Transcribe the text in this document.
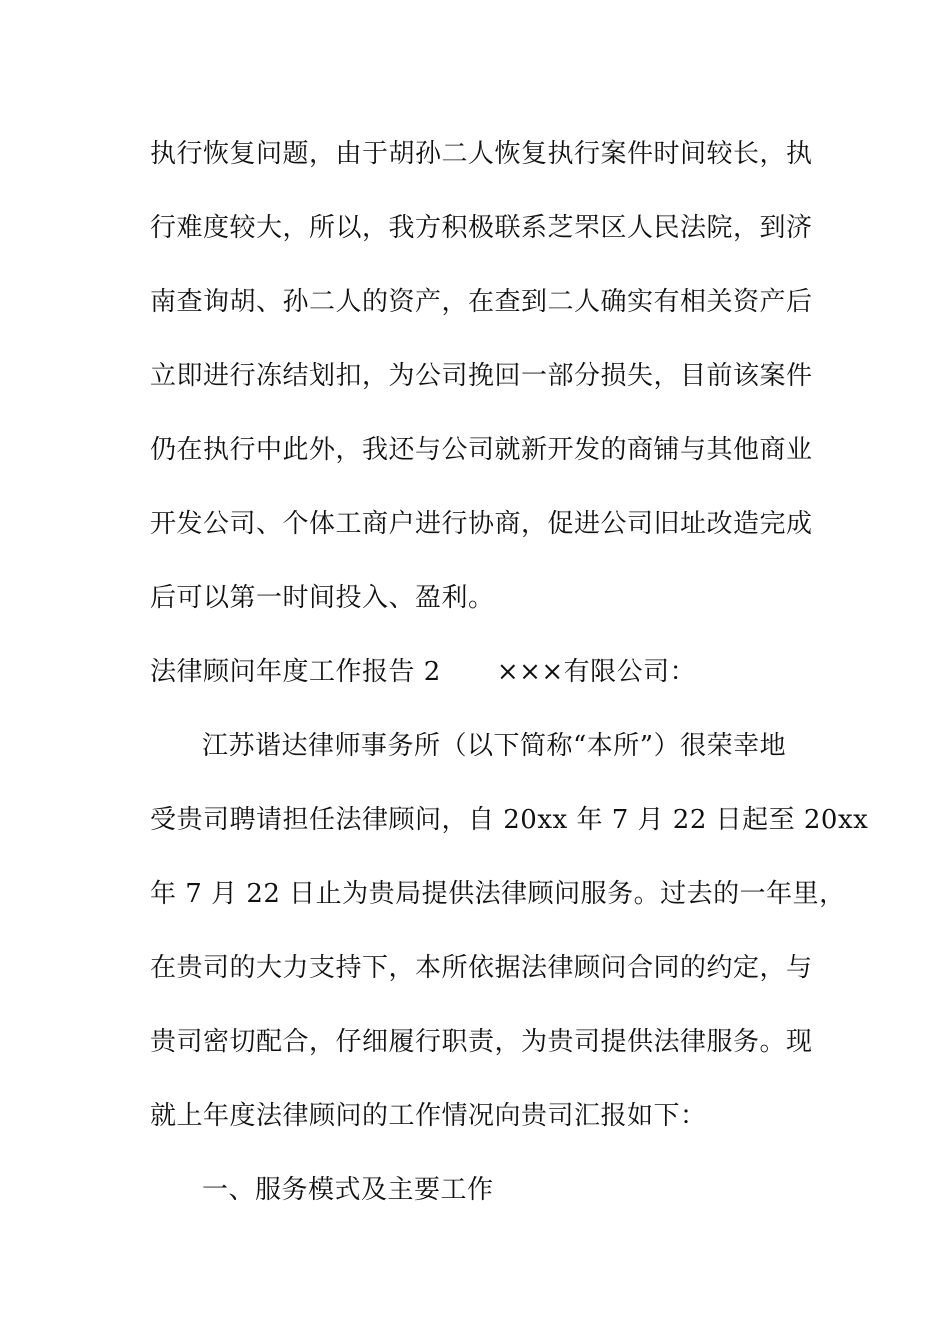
执行恢复问题，由于胡孙二人恢复执行案件时间较长，执
行难度较大，所以，我方积极联系芝罘区人民法院，到济
南查询胡、孙二人的资产，在查到二人确实有相关资产后
立即进行冻结划扣，为公司挽回一部分损失，目前该案件
仍在执行中此外，我还与公司就新开发的商铺与其他商业
开发公司、个体工商户进行协商，促进公司旧址改造完成
后可以第一时间投入、盈利。
法律顾问年度工作报告 2 ×××有限公司：
江苏谐达律师事务所（以下简称“本所”）很荣幸地
受贵司聘请担任法律顾问，自 20xx 年 7 月 22 日起至 20xx
年 7 月 22 日止为贵局提供法律顾问服务。过去的一年里，
在贵司的大力支持下，本所依据法律顾问合同的约定，与
贵司密切配合，仔细履行职责，为贵司提供法律服务。现
就上年度法律顾问的工作情况向贵司汇报如下：
一、服务模式及主要工作
